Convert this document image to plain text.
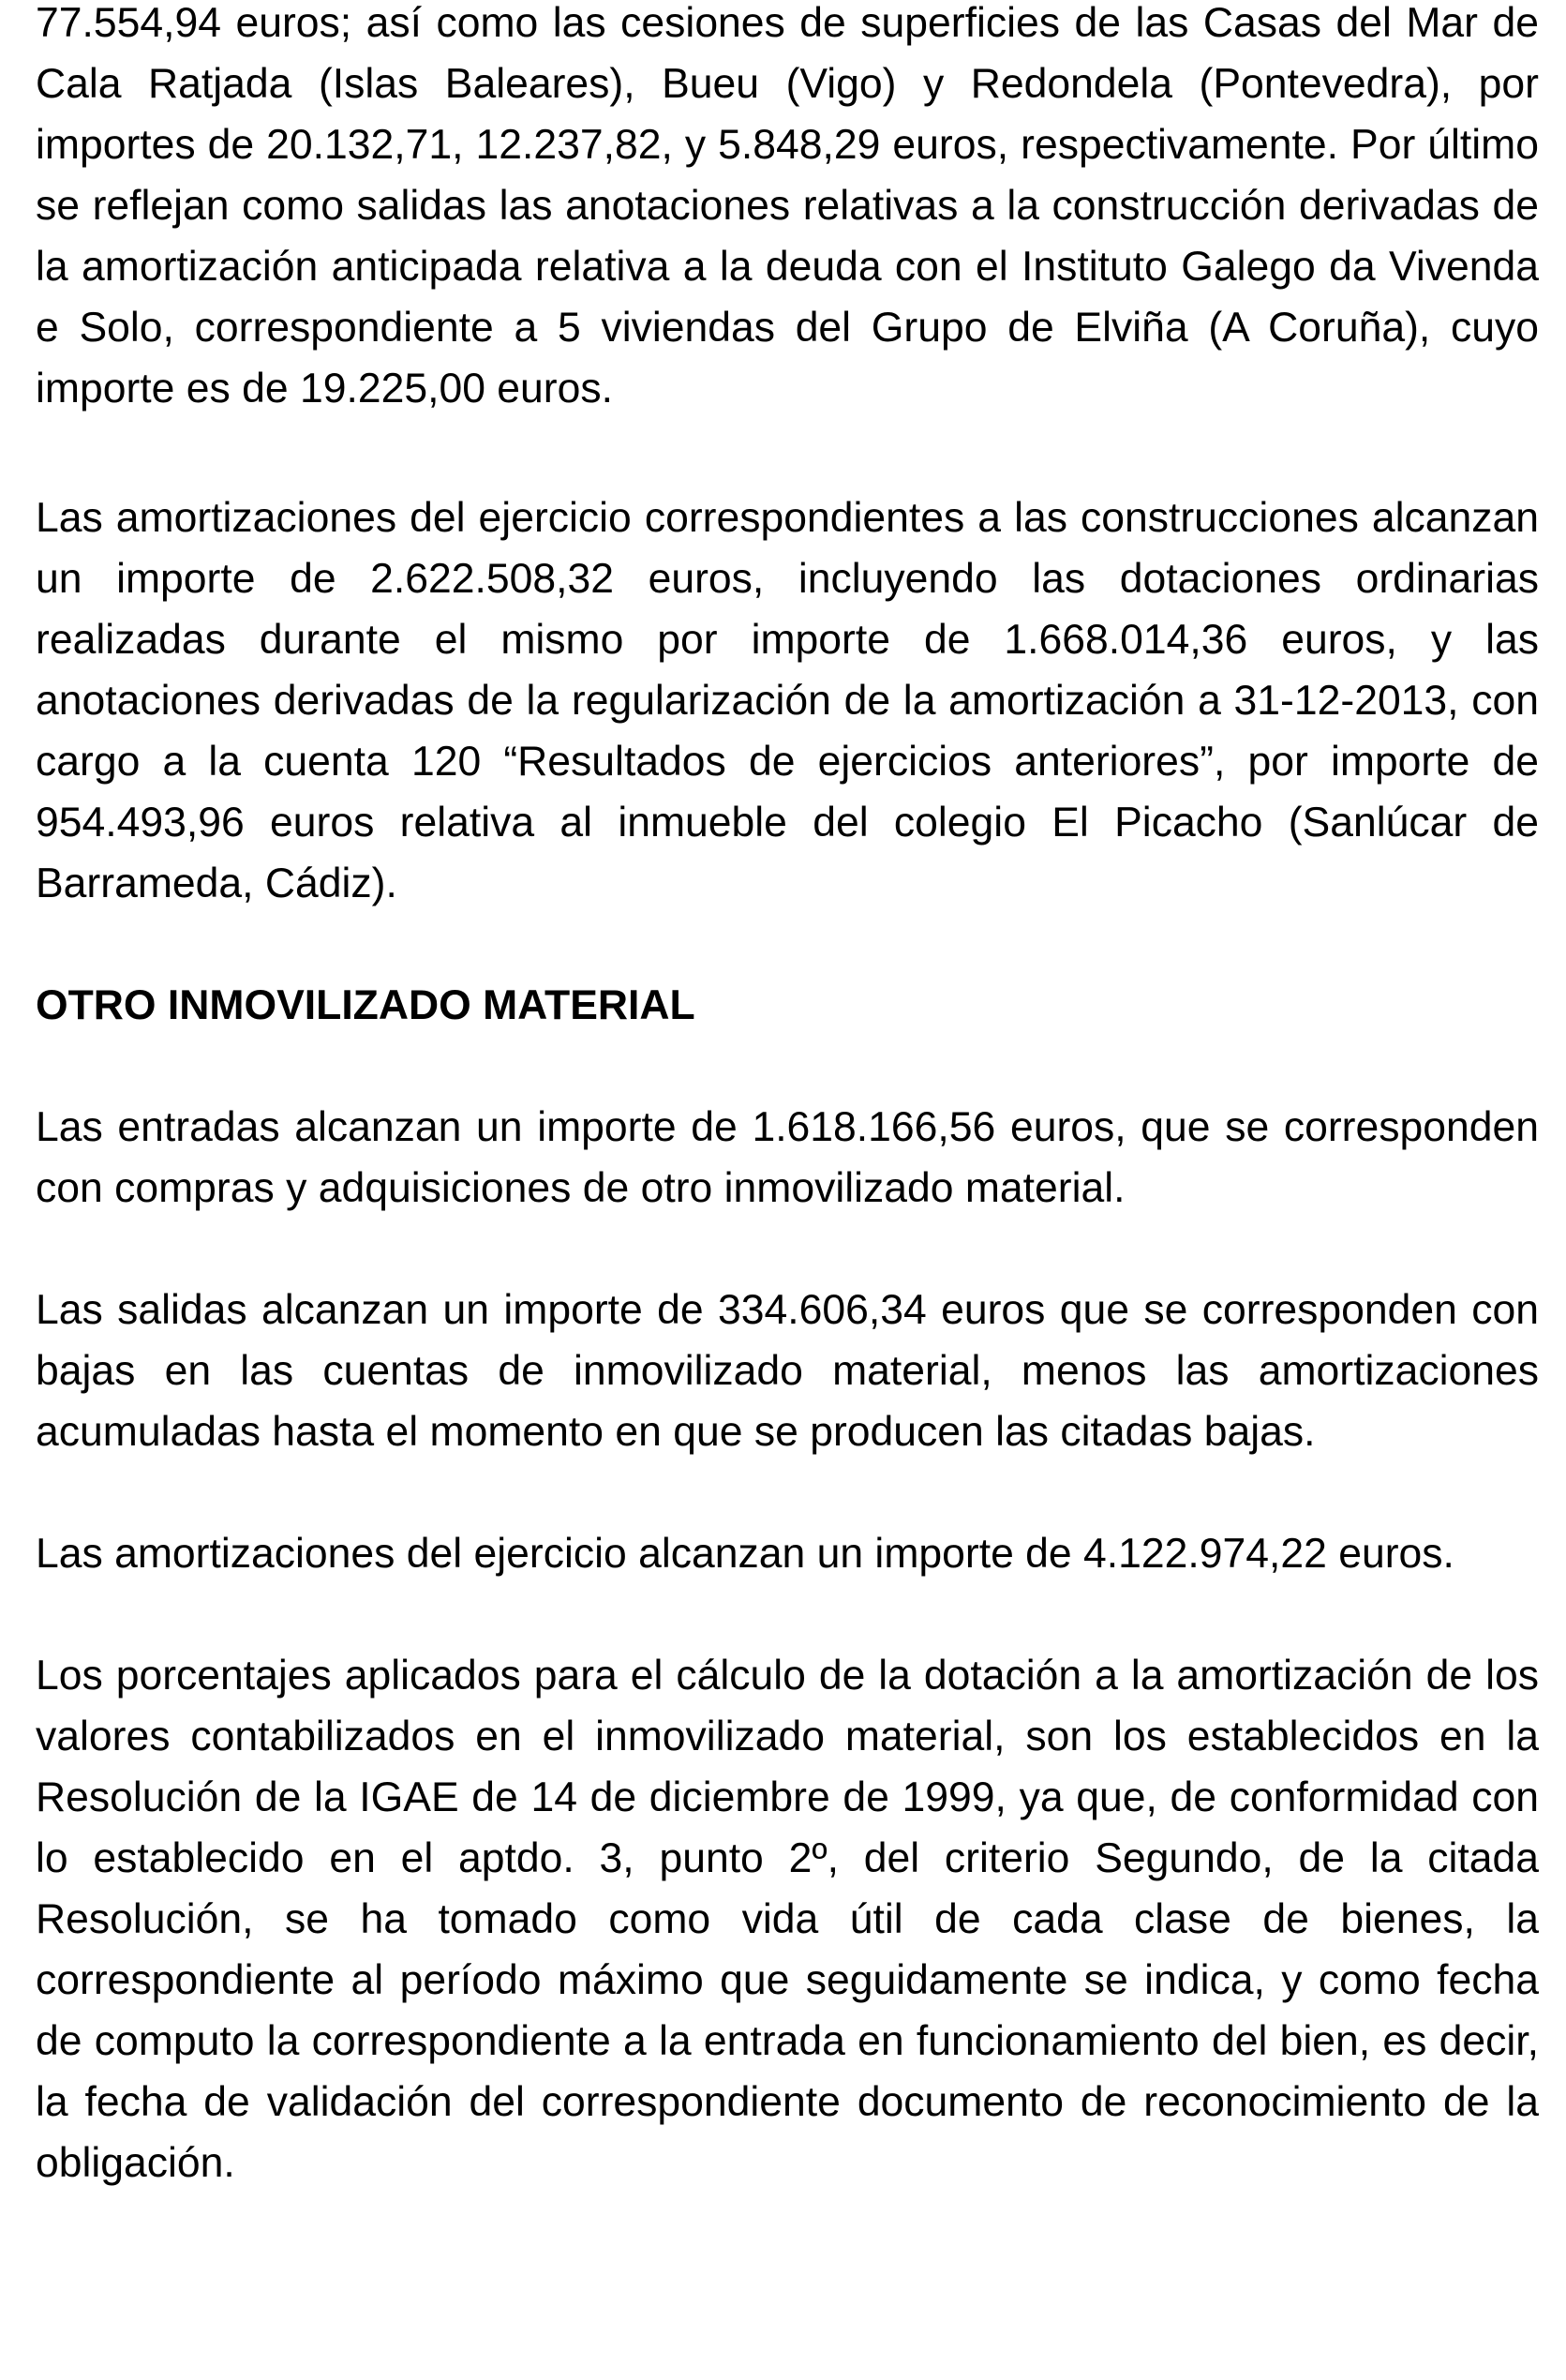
77.554,94 euros; así como las cesiones de superficies de las Casas del Mar de Cala Ratjada (Islas Baleares), Bueu (Vigo) y Redondela (Pontevedra), por importes de 20.132,71, 12.237,82, y 5.848,29 euros, respectivamente. Por último se reflejan como salidas las anotaciones relativas a la construcción derivadas de la amortización anticipada relativa a la deuda con el Instituto Galego da Vivenda e Solo, correspondiente a 5 viviendas del Grupo de Elviña (A Coruña), cuyo importe es de 19.225,00 euros.

Las amortizaciones del ejercicio correspondientes a las construcciones alcanzan un importe de 2.622.508,32 euros, incluyendo las dotaciones ordinarias realizadas durante el mismo por importe de 1.668.014,36 euros, y las anotaciones derivadas de la regularización de la amortización a 31-12-2013, con cargo a la cuenta 120 “Resultados de ejercicios anteriores”, por importe de 954.493,96 euros relativa al inmueble del colegio El Picacho (Sanlúcar de Barrameda, Cádiz).

OTRO INMOVILIZADO MATERIAL

Las entradas alcanzan un importe de 1.618.166,56 euros, que se corresponden con compras y adquisiciones de otro inmovilizado material.

Las salidas alcanzan un importe de 334.606,34 euros que se corresponden con bajas en las cuentas de inmovilizado material, menos las amortizaciones acumuladas hasta el momento en que se producen las citadas bajas.

Las amortizaciones del ejercicio alcanzan un importe de 4.122.974,22 euros.

Los porcentajes aplicados para el cálculo de la dotación a la amortización de los valores contabilizados en el inmovilizado material, son los establecidos en la Resolución de la IGAE de 14 de diciembre de 1999, ya que, de conformidad con lo establecido en el aptdo. 3, punto 2º, del criterio Segundo, de la citada Resolución, se ha tomado como vida útil de cada clase de bienes, la correspondiente al período máximo que seguidamente se indica, y como fecha de computo la correspondiente a la entrada en funcionamiento del bien, es decir, la fecha de validación del correspondiente documento de reconocimiento de la obligación.
